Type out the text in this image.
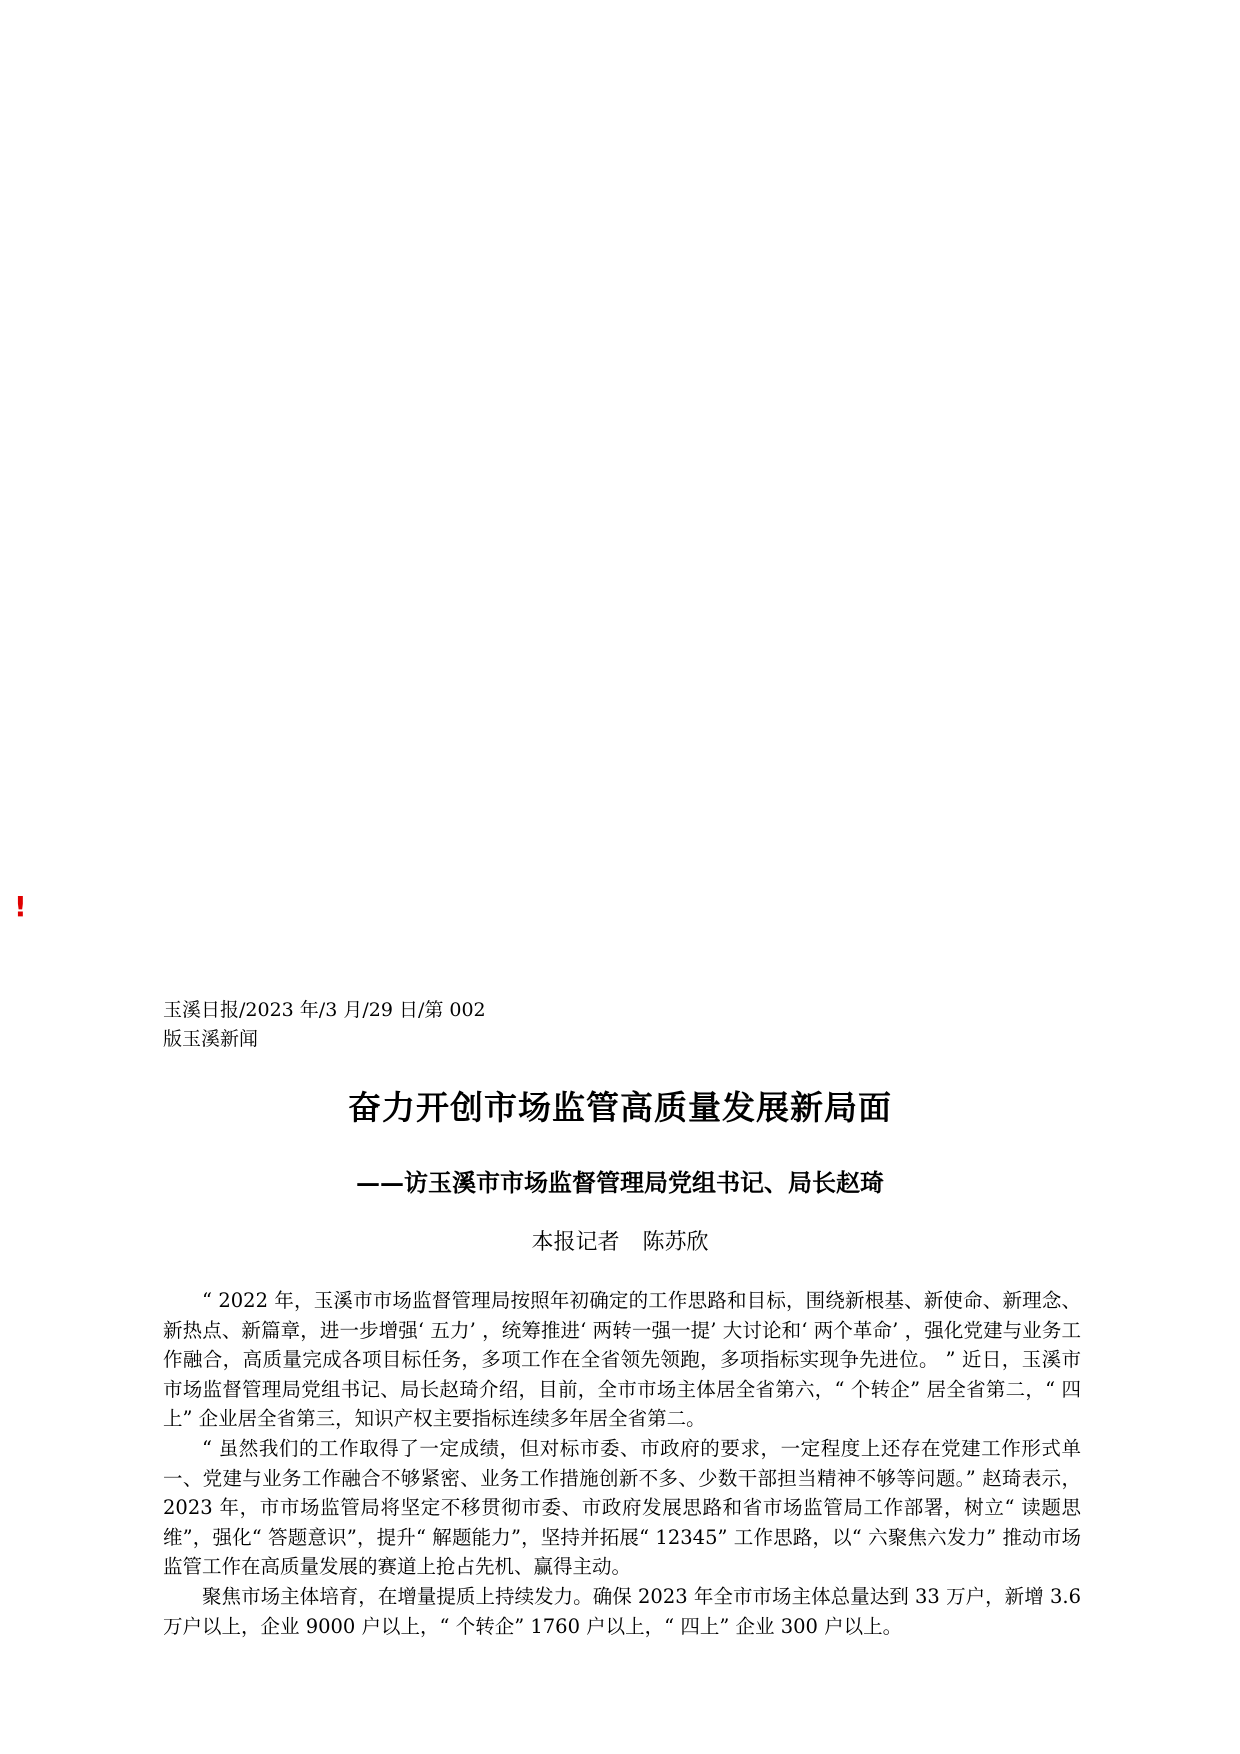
!
玉溪日报/2023 年/3 月/29 日/第 002
版玉溪新闻
奋力开创市场监管高质量发展新局面
——访玉溪市市场监督管理局党组书记、局长赵琦
本报记者 陈苏欣

“ 2022 年，玉溪市市场监督管理局按照年初确定的工作思路和目标，围绕新根基、新使命、新理念、新热点、新篇章，进一步增强‘ 五力’ ，统筹推进‘ 两转一强一提’ 大讨论和‘ 两个革命’ ，强化党建与业务工作融合，高质量完成各项目标任务，多项工作在全省领先领跑，多项指标实现争先进位。 ” 近日，玉溪市市场监督管理局党组书记、局长赵琦介绍，目前，全市市场主体居全省第六，“ 个转企” 居全省第二，“ 四上” 企业居全省第三，知识产权主要指标连续多年居全省第二。

“ 虽然我们的工作取得了一定成绩，但对标市委、市政府的要求，一定程度上还存在党建工作形式单一、党建与业务工作融合不够紧密、业务工作措施创新不多、少数干部担当精神不够等问题。” 赵琦表示，2023 年，市市场监管局将坚定不移贯彻市委、市政府发展思路和省市场监管局工作部署，树立“ 读题思维”，强化“ 答题意识”，提升“ 解题能力”，坚持并拓展“ 12345” 工作思路，以“ 六聚焦六发力” 推动市场监管工作在高质量发展的赛道上抢占先机、赢得主动。

聚焦市场主体培育，在增量提质上持续发力。确保 2023 年全市市场主体总量达到 33 万户，新增 3.6 万户以上，企业 9000 户以上，“ 个转企” 1760 户以上，“ 四上” 企业 300 户以上。
